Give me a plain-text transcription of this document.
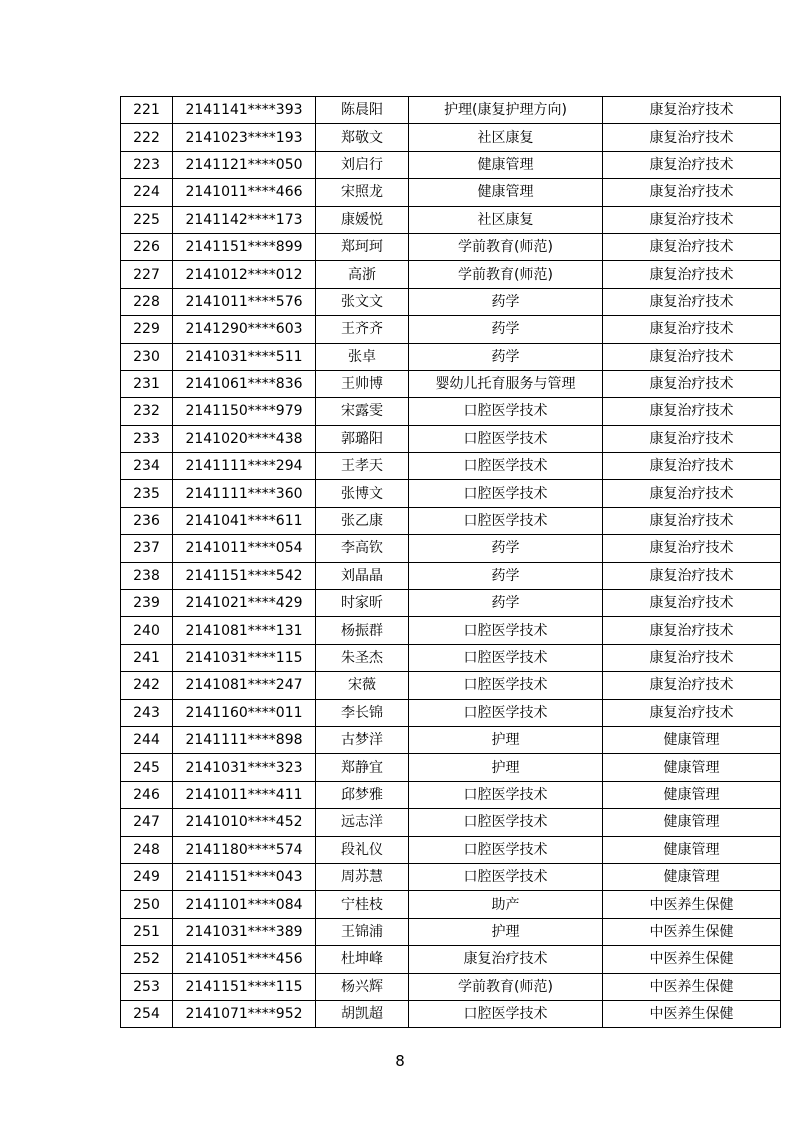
221	2141141****393	陈晨阳	护理(康复护理方向)	康复治疗技术
222	2141023****193	郑敬文	社区康复	康复治疗技术
223	2141121****050	刘启行	健康管理	康复治疗技术
224	2141011****466	宋照龙	健康管理	康复治疗技术
225	2141142****173	康媛悦	社区康复	康复治疗技术
226	2141151****899	郑珂珂	学前教育(师范)	康复治疗技术
227	2141012****012	高浙	学前教育(师范)	康复治疗技术
228	2141011****576	张文文	药学	康复治疗技术
229	2141290****603	王齐齐	药学	康复治疗技术
230	2141031****511	张卓	药学	康复治疗技术
231	2141061****836	王帅博	婴幼儿托育服务与管理	康复治疗技术
232	2141150****979	宋露雯	口腔医学技术	康复治疗技术
233	2141020****438	郭璐阳	口腔医学技术	康复治疗技术
234	2141111****294	王孝天	口腔医学技术	康复治疗技术
235	2141111****360	张博文	口腔医学技术	康复治疗技术
236	2141041****611	张乙康	口腔医学技术	康复治疗技术
237	2141011****054	李高钦	药学	康复治疗技术
238	2141151****542	刘晶晶	药学	康复治疗技术
239	2141021****429	时家昕	药学	康复治疗技术
240	2141081****131	杨振群	口腔医学技术	康复治疗技术
241	2141031****115	朱圣杰	口腔医学技术	康复治疗技术
242	2141081****247	宋薇	口腔医学技术	康复治疗技术
243	2141160****011	李长锦	口腔医学技术	康复治疗技术
244	2141111****898	古梦洋	护理	健康管理
245	2141031****323	郑静宜	护理	健康管理
246	2141011****411	邱梦雅	口腔医学技术	健康管理
247	2141010****452	远志洋	口腔医学技术	健康管理
248	2141180****574	段礼仪	口腔医学技术	健康管理
249	2141151****043	周苏慧	口腔医学技术	健康管理
250	2141101****084	宁桂枝	助产	中医养生保健
251	2141031****389	王锦浦	护理	中医养生保健
252	2141051****456	杜坤峰	康复治疗技术	中医养生保健
253	2141151****115	杨兴辉	学前教育(师范)	中医养生保健
254	2141071****952	胡凯超	口腔医学技术	中医养生保健
8
